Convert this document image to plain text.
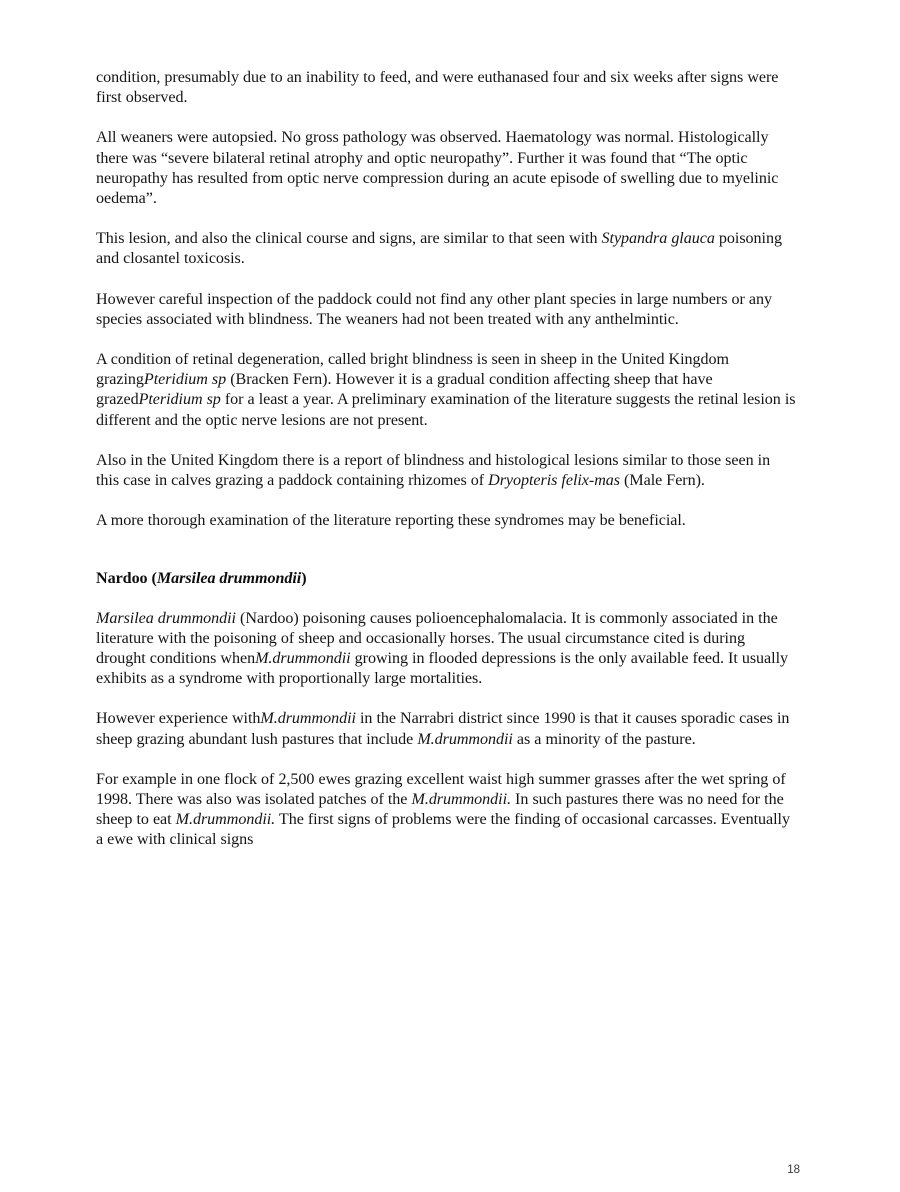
condition, presumably due to an inability to feed, and were euthanased four and six weeks after signs were first observed.

All weaners were autopsied. No gross pathology was observed. Haematology was normal. Histologically there was “severe bilateral retinal atrophy and optic neuropathy”. Further it was found that “The optic neuropathy has resulted from optic nerve compression during an acute episode of swelling due to myelinic oedema”.

This lesion, and also the clinical course and signs, are similar to that seen with Stypandra glauca poisoning and closantel toxicosis.

However careful inspection of the paddock could not find any other plant species in large numbers or any species associated with blindness. The weaners had not been treated with any anthelmintic.

A condition of retinal degeneration, called bright blindness is seen in sheep in the United Kingdom grazingPteridium sp (Bracken Fern). However it is a gradual condition affecting sheep that have grazedPteridium sp for a least a year. A preliminary examination of the literature suggests the retinal lesion is different and the optic nerve lesions are not present.

Also in the United Kingdom there is a report of blindness and histological lesions similar to those seen in this case in calves grazing a paddock containing rhizomes of Dryopteris felix-mas (Male Fern).

A more thorough examination of the literature reporting these syndromes may be beneficial.

Nardoo (Marsilea drummondii)

Marsilea drummondii (Nardoo) poisoning causes polioencephalomalacia. It is commonly associated in the literature with the poisoning of sheep and occasionally horses. The usual circumstance cited is during drought conditions whenM.drummondii growing in flooded depressions is the only available feed. It usually exhibits as a syndrome with proportionally large mortalities.

However experience withM.drummondii in the Narrabri district since 1990 is that it causes sporadic cases in sheep grazing abundant lush pastures that include M.drummondii as a minority of the pasture.

For example in one flock of 2,500 ewes grazing excellent waist high summer grasses after the wet spring of 1998. There was also was isolated patches of the M.drummondii. In such pastures there was no need for the sheep to eat M.drummondii. The first signs of problems were the finding of occasional carcasses. Eventually a ewe with clinical signs

18
